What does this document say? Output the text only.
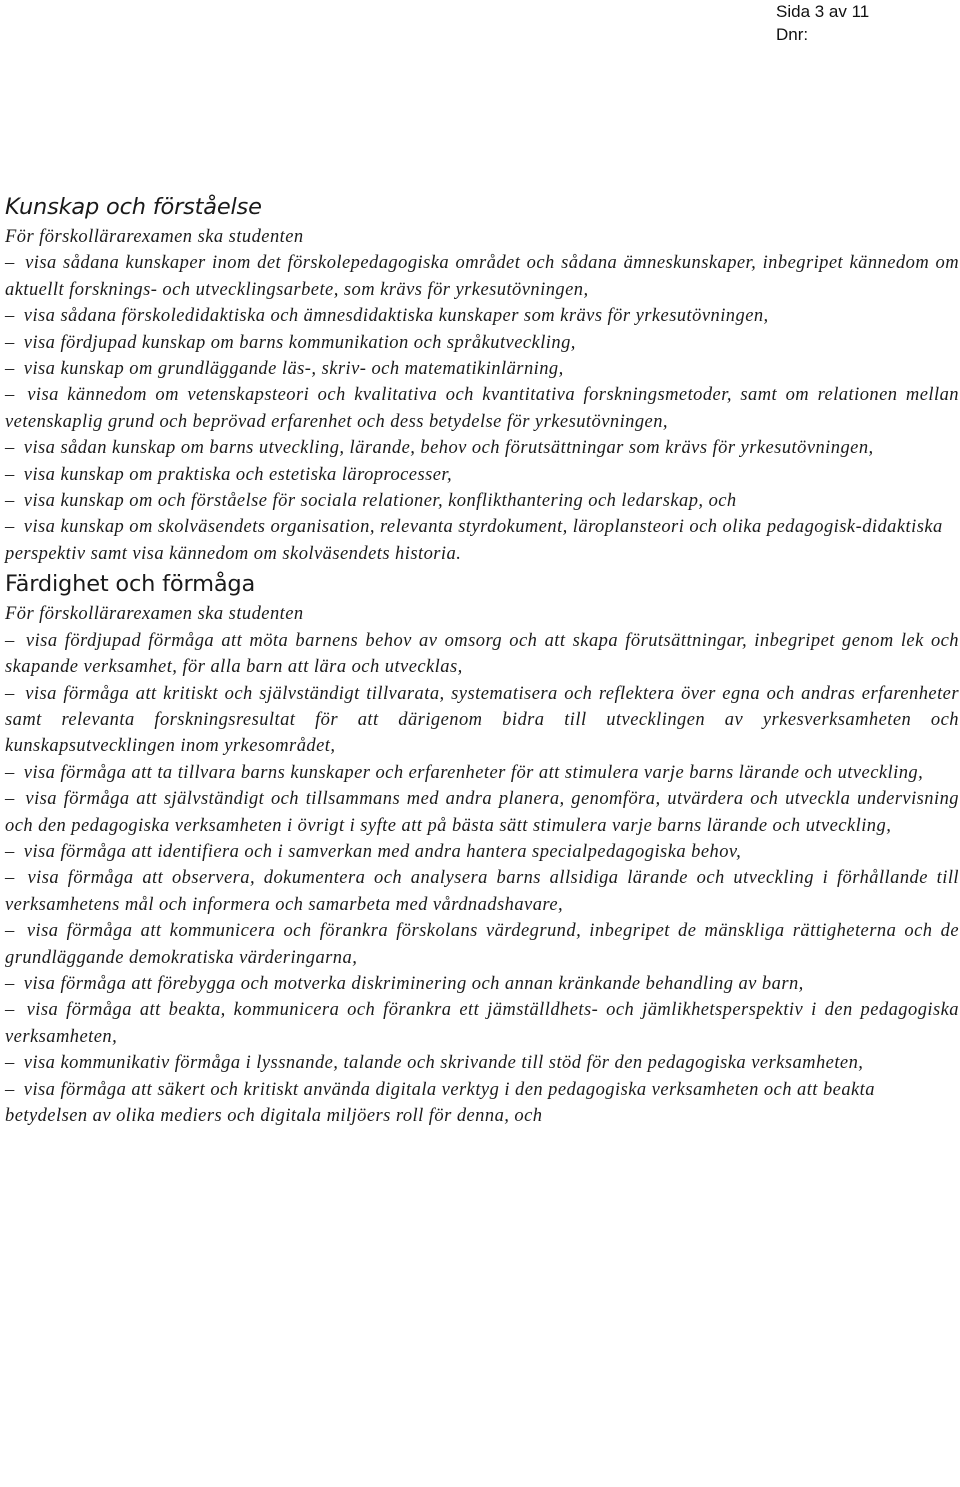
Sida 3 av 11
Dnr:
Kunskap och förståelse

För förskollärarexamen ska studenten

– visa sådana kunskaper inom det förskolepedagogiska området och sådana ämneskunskaper, inbegripet kännedom om aktuellt forsknings- och utvecklingsarbete, som krävs för yrkesutövningen,

– visa sådana förskoledidaktiska och ämnesdidaktiska kunskaper som krävs för yrkesutövningen,

– visa fördjupad kunskap om barns kommunikation och språkutveckling,

– visa kunskap om grundläggande läs-, skriv- och matematikinlärning,

– visa kännedom om vetenskapsteori och kvalitativa och kvantitativa forskningsmetoder, samt om relationen mellan vetenskaplig grund och beprövad erfarenhet och dess betydelse för yrkesutövningen,

– visa sådan kunskap om barns utveckling, lärande, behov och förutsättningar som krävs för yrkesutövningen,

– visa kunskap om praktiska och estetiska läroprocesser,

– visa kunskap om och förståelse för sociala relationer, konflikthantering och ledarskap, och

– visa kunskap om skolväsendets organisation, relevanta styrdokument, läroplansteori och olika pedagogisk-didaktiska perspektiv samt visa kännedom om skolväsendets historia.

Färdighet och förmåga

För förskollärarexamen ska studenten

– visa fördjupad förmåga att möta barnens behov av omsorg och att skapa förutsättningar, inbegripet genom lek och skapande verksamhet, för alla barn att lära och utvecklas,

– visa förmåga att kritiskt och självständigt tillvarata, systematisera och reflektera över egna och andras erfarenheter samt relevanta forskningsresultat för att därigenom bidra till utvecklingen av yrkesverksamheten och kunskapsutvecklingen inom yrkesområdet,

– visa förmåga att ta tillvara barns kunskaper och erfarenheter för att stimulera varje barns lärande och utveckling,

– visa förmåga att självständigt och tillsammans med andra planera, genomföra, utvärdera och utveckla undervisning och den pedagogiska verksamheten i övrigt i syfte att på bästa sätt stimulera varje barns lärande och utveckling,

– visa förmåga att identifiera och i samverkan med andra hantera specialpedagogiska behov,

– visa förmåga att observera, dokumentera och analysera barns allsidiga lärande och utveckling i förhållande till verksamhetens mål och informera och samarbeta med vårdnadshavare,

– visa förmåga att kommunicera och förankra förskolans värdegrund, inbegripet de mänskliga rättigheterna och de grundläggande demokratiska värderingarna,

– visa förmåga att förebygga och motverka diskriminering och annan kränkande behandling av barn,

– visa förmåga att beakta, kommunicera och förankra ett jämställdhets- och jämlikhetsperspektiv i den pedagogiska verksamheten,

– visa kommunikativ förmåga i lyssnande, talande och skrivande till stöd för den pedagogiska verksamheten,

– visa förmåga att säkert och kritiskt använda digitala verktyg i den pedagogiska verksamheten och att beakta betydelsen av olika mediers och digitala miljöers roll för denna, och
